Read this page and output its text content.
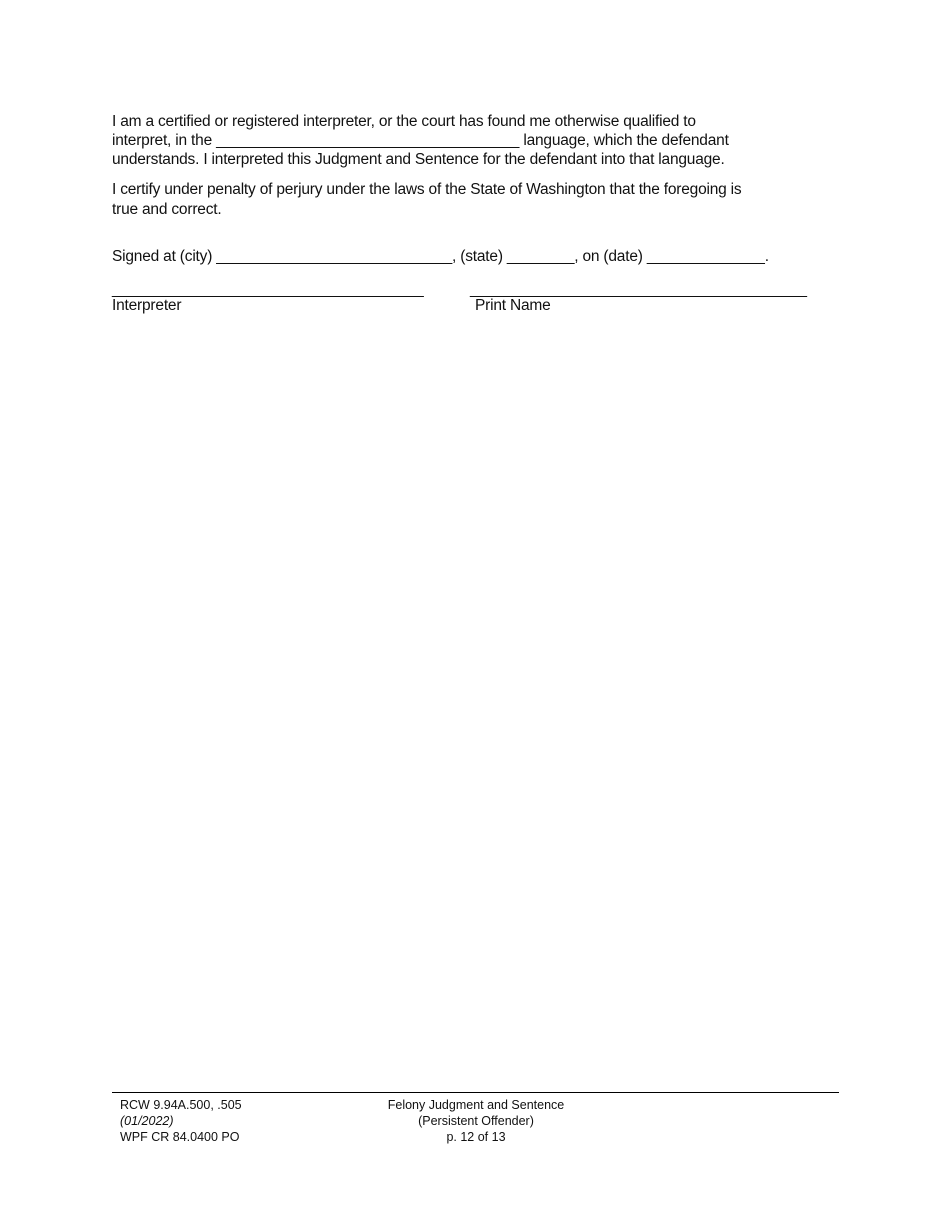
I am a certified or registered interpreter, or the court has found me otherwise qualified to
interpret, in the ____________________________________ language, which the defendant
understands. I interpreted this Judgment and Sentence for the defendant into that language.
I certify under penalty of perjury under the laws of the State of Washington that the foregoing is
true and correct.
Signed at (city) ____________________________, (state) ________, on (date) ______________.
_____________________________________	________________________________________
Interpreter	Print Name
RCW 9.94A.500, .505
(01/2022)
WPF CR 84.0400 PO
Felony Judgment and Sentence
(Persistent Offender)
p. 12 of 13
